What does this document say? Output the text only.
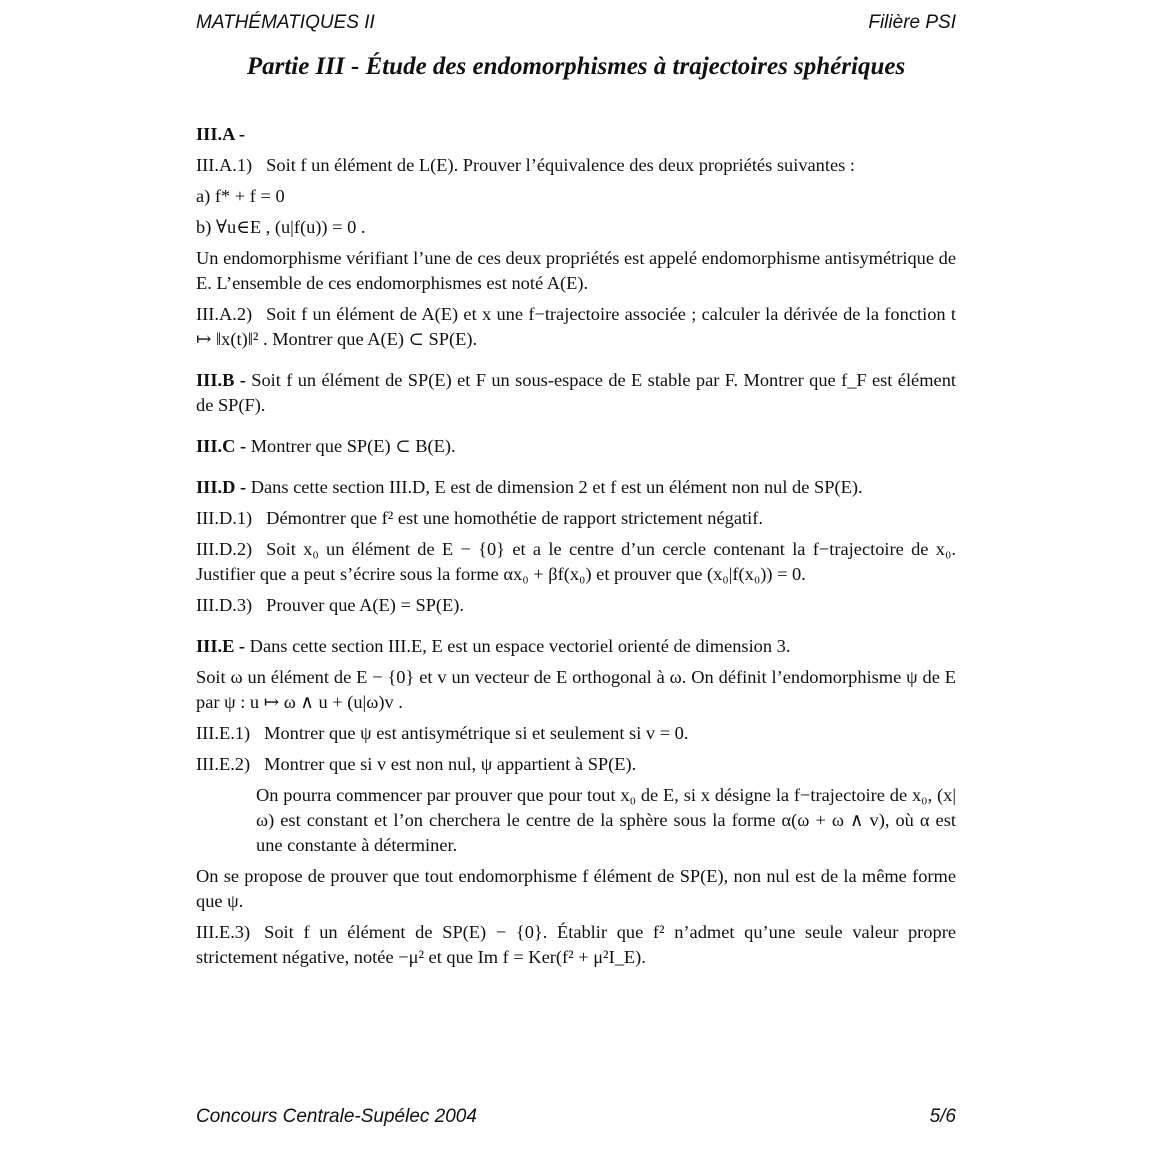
MATHÉMATIQUES II	Filière PSI
Partie III - Étude des endomorphismes à trajectoires sphériques
III.A -
III.A.1) Soit f un élément de L(E). Prouver l’équivalence des deux propriétés suivantes :
a) f* + f = 0
b) ∀u∈E , (u|f(u)) = 0 .
Un endomorphisme vérifiant l’une de ces deux propriétés est appelé endomorphisme antisymétrique de E. L’ensemble de ces endomorphismes est noté A(E).
III.A.2) Soit f un élément de A(E) et x une f−trajectoire associée ; calculer la dérivée de la fonction t ↦ ‖x(t)‖² . Montrer que A(E) ⊂ SP(E).
III.B - Soit f un élément de SP(E) et F un sous-espace de E stable par F. Montrer que f_F est élément de SP(F).
III.C - Montrer que SP(E) ⊂ B(E).
III.D - Dans cette section III.D, E est de dimension 2 et f est un élément non nul de SP(E).
III.D.1) Démontrer que f² est une homothétie de rapport strictement négatif.
III.D.2) Soit x₀ un élément de E − {0} et a le centre d’un cercle contenant la f−trajectoire de x₀. Justifier que a peut s’écrire sous la forme αx₀ + βf(x₀) et prouver que (x₀|f(x₀)) = 0.
III.D.3) Prouver que A(E) = SP(E).
III.E - Dans cette section III.E, E est un espace vectoriel orienté de dimension 3.
Soit ω un élément de E − {0} et v un vecteur de E orthogonal à ω. On définit l’endomorphisme ψ de E par ψ : u ↦ ω ∧ u + (u|ω)v .
III.E.1) Montrer que ψ est antisymétrique si et seulement si v = 0.
III.E.2) Montrer que si v est non nul, ψ appartient à SP(E).
On pourra commencer par prouver que pour tout x₀ de E, si x désigne la f−trajectoire de x₀, (x|ω) est constant et l’on cherchera le centre de la sphère sous la forme α(ω + ω ∧ v), où α est une constante à déterminer.
On se propose de prouver que tout endomorphisme f élément de SP(E), non nul est de la même forme que ψ.
III.E.3) Soit f un élément de SP(E) − {0}. Établir que f² n’admet qu’une seule valeur propre strictement négative, notée −μ² et que Im f = Ker(f² + μ²I_E).
Concours Centrale-Supélec 2004	5/6
